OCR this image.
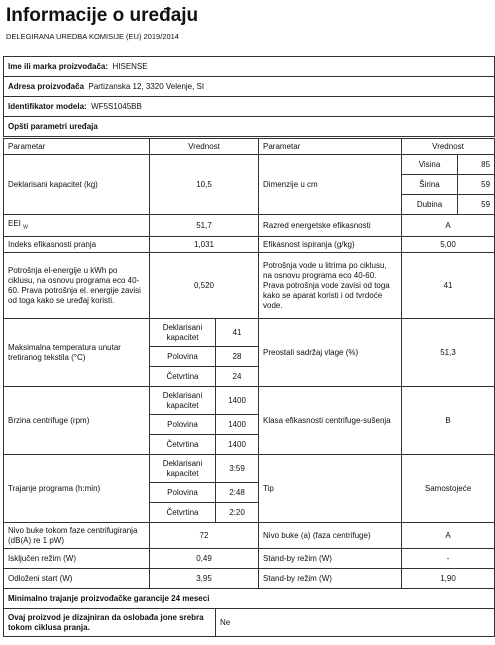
Informacije o uređaju
DELEGIRANA UREDBA KOMISIJE (EU) 2019/2014
Ime ili marka proizvođača: HISENSE
Adresa proizvođača Partizanska 12, 3320 Velenje, SI
Identifikator modela: WF5S1045BB
Opšti parametri uređaja
Parametar	Vrednost		Parametar	Vrednost	
Deklarisani kapacitet (kg)	10,5		Dimenzije u cm	Visina	85
				Širina	59
				Dubina	59
EEI $_W$	51,7		Razred energetske efikasnosti	A	
Indeks efikasnosti pranja	1,031		Efikasnost ispiranja (g/kg)	5,00	
Potrošnja el-energije u kWh po ciklusu, na osnovu programa eco 40-60. Prava potrošnja el. energije zavisi od toga kako se uređaj koristi.	0,520		Potrošnja vode u litrima po ciklusu, na osnovu programa eco 40-60. Prava potrošnja vode zavisi od toga kako se aparat koristi i od tvrdoće vode.	41	
Maksimalna temperatura unutar tretiranog tekstila (°C)	Deklarisani kapacitet	41	Preostali sadržaj vlage (%)	51,3	
	Polovina	28			
	Četvrtina	24			
Brzina centrifuge (rpm)	Deklarisani kapacitet	1400	Klasa efikasnosti centrifuge-sušenja	B	
	Polovina	1400			
	Četvrtina	1400			
Trajanje programa (h:min)	Deklarisani kapacitet	3:59	Tip	Samostojeće	
	Polovina	2:48			
	Četvrtina	2:20			
Nivo buke tokom faze centrifugiranja (dB(A) re 1 pW)	72		Nivo buke (a) (faza centrifuge)	A	
Isključen režim (W)	0,49		Stand-by režim (W)	-	
Odloženi start (W)	3,95		Stand-by režim (W)	1,90	
Minimalno trajanje proizvođačke garancije 24 meseci					
Ovaj proizvod je dizajniran da oslobađa jone srebra tokom ciklusa pranja.		Ne			
